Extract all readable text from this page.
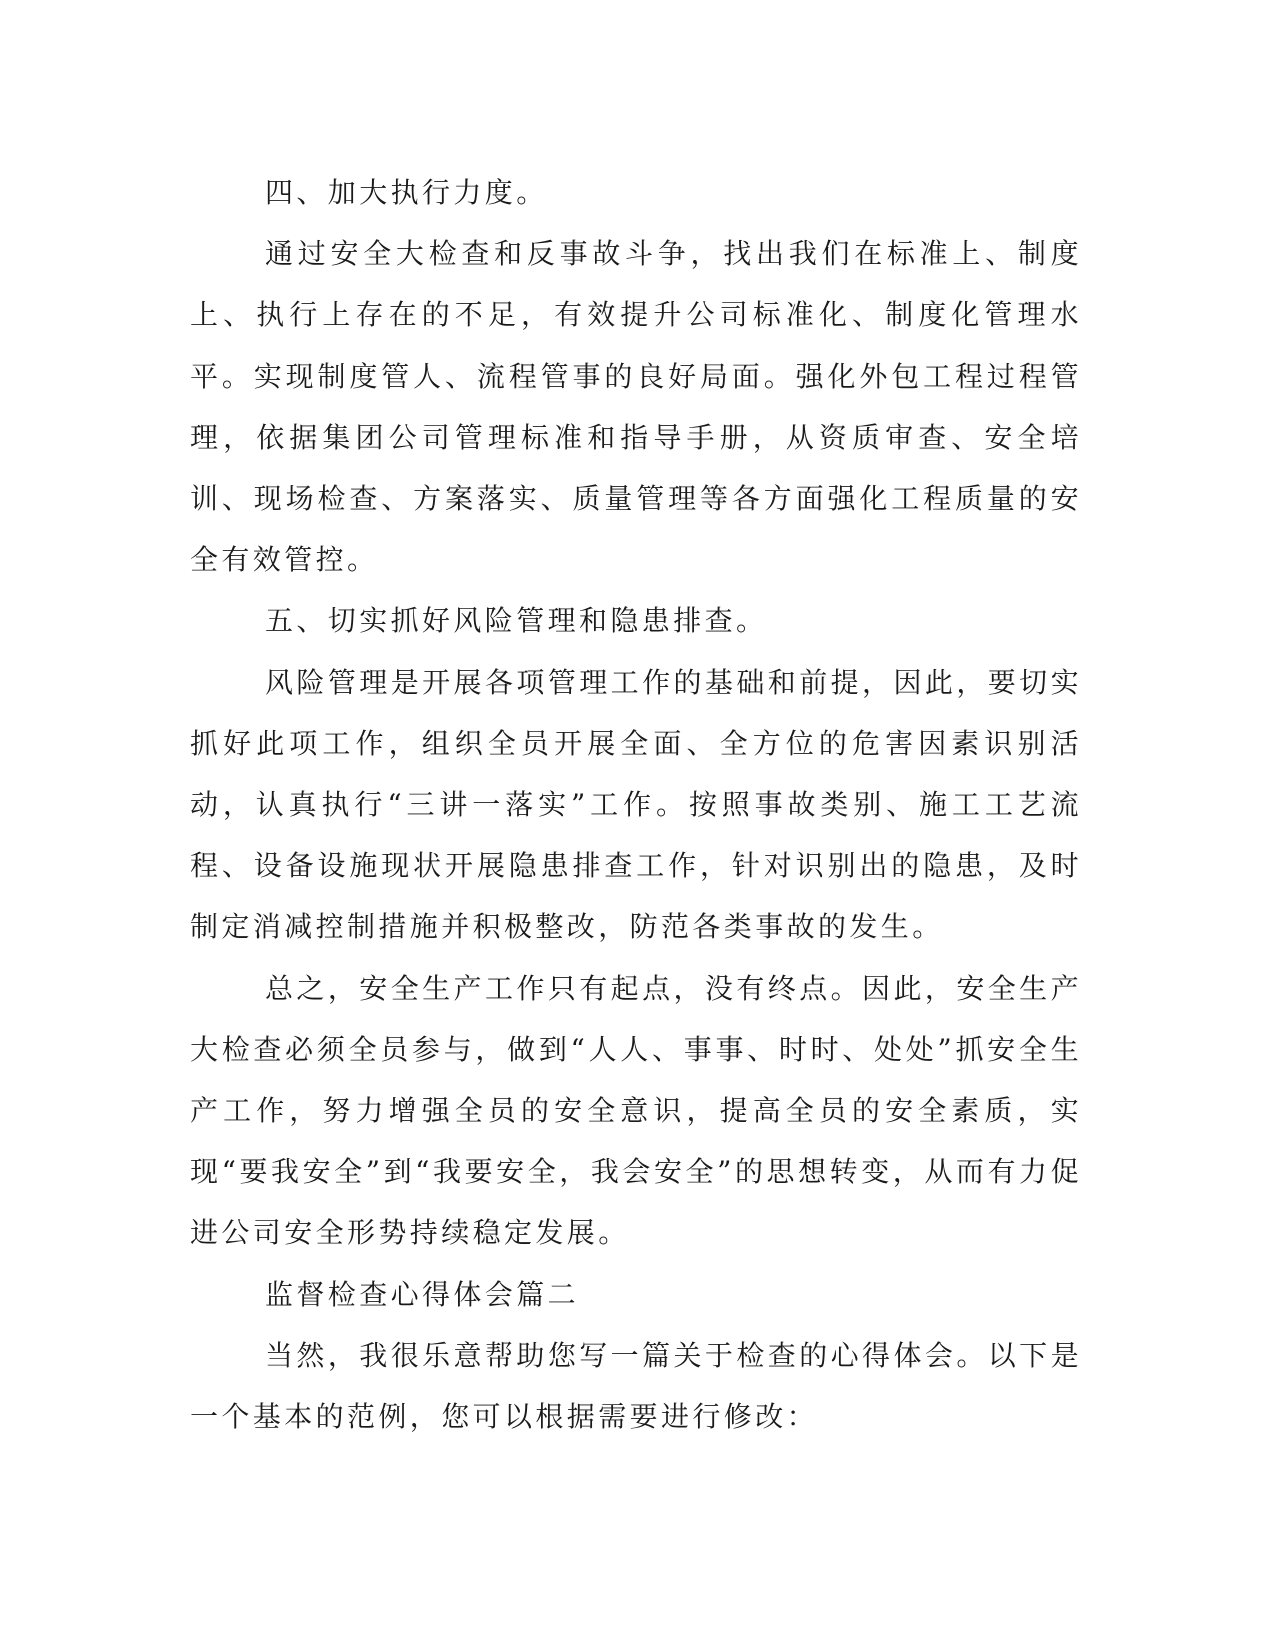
四、加大执行力度。

通过安全大检查和反事故斗争，找出我们在标准上、制度上、执行上存在的不足，有效提升公司标准化、制度化管理水平。实现制度管人、流程管事的良好局面。强化外包工程过程管理，依据集团公司管理标准和指导手册，从资质审查、安全培训、现场检查、方案落实、质量管理等各方面强化工程质量的安全有效管控。

五、切实抓好风险管理和隐患排查。

风险管理是开展各项管理工作的基础和前提，因此，要切实抓好此项工作，组织全员开展全面、全方位的危害因素识别活动，认真执行“三讲一落实”工作。按照事故类别、施工工艺流程、设备设施现状开展隐患排查工作，针对识别出的隐患，及时制定消减控制措施并积极整改，防范各类事故的发生。

总之，安全生产工作只有起点，没有终点。因此，安全生产大检查必须全员参与，做到“人人、事事、时时、处处”抓安全生产工作，努力增强全员的安全意识，提高全员的安全素质，实现“要我安全”到“我要安全，我会安全”的思想转变，从而有力促进公司安全形势持续稳定发展。

监督检查心得体会篇二

当然，我很乐意帮助您写一篇关于检查的心得体会。以下是一个基本的范例，您可以根据需要进行修改：
